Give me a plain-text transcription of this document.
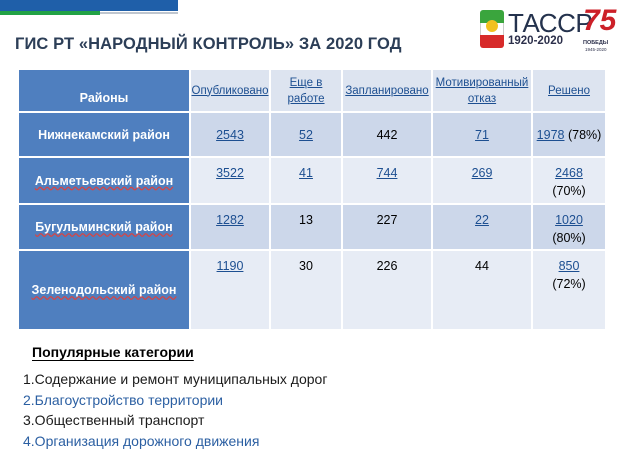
ГИС РТ «НАРОДНЫЙ КОНТРОЛЬ» ЗА 2020 ГОД
ТАССР
1920-2020
75
ПОБЕДЫ
1945-2020
Районы	Опубликовано	Еще в работе	Запланировано	Мотивированный отказ	Решено
Нижнекамский район	2543	52	442	71	1978 (78%)
Альметьевский район	3522	41	744	269	2468
(70%)
Бугульминский район	1282	13	227	22	1020
(80%)
Зеленодольский район	1190	30	226	44	850
(72%)
Популярные категории
1.Содержание и ремонт муниципальных дорог
2.Благоустройство территории
3.Общественный транспорт
4.Организация дорожного движения
